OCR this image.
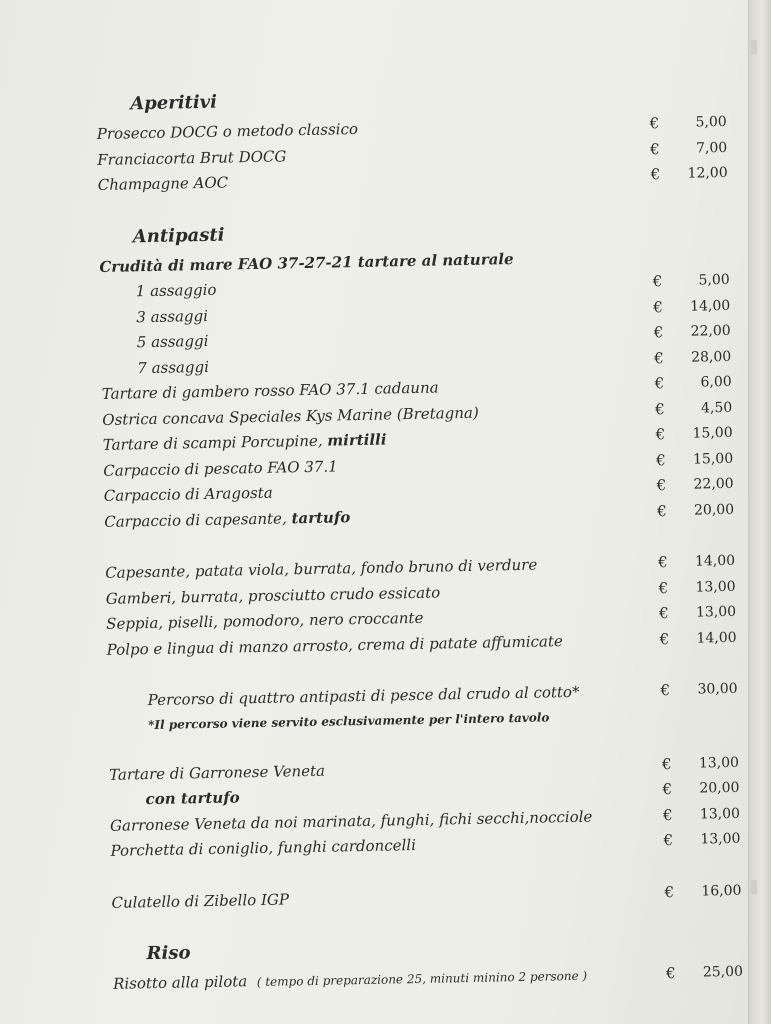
Aperitivi
Prosecco DOCG o metodo classico	€	5,00
Franciacorta Brut DOCG	€	7,00
Champagne AOC	€	12,00
Antipasti
Crudità di mare FAO 37-27-21 tartare al naturale
1 assaggio	€	5,00
3 assaggi	€	14,00
5 assaggi	€	22,00
7 assaggi	€	28,00
Tartare di gambero rosso FAO 37.1 cadauna	€	6,00
Ostrica concava Speciales Kys Marine (Bretagna)	€	4,50
Tartare di scampi Porcupine, mirtilli	€	15,00
Carpaccio di pescato FAO 37.1	€	15,00
Carpaccio di Aragosta	€	22,00
Carpaccio di capesante, tartufo	€	20,00
Capesante, patata viola, burrata, fondo bruno di verdure	€	14,00
Gamberi, burrata, prosciutto crudo essicato	€	13,00
Seppia, piselli, pomodoro, nero croccante	€	13,00
Polpo e lingua di manzo arrosto, crema di patate affumicate	€	14,00
Percorso di quattro antipasti di pesce dal crudo al cotto*	€	30,00
*Il percorso viene servito esclusivamente per l'intero tavolo
Tartare di Garronese Veneta	€	13,00
con tartufo	€	20,00
Garronese Veneta da noi marinata, funghi, fichi secchi,nocciole	€	13,00
Porchetta di coniglio, funghi cardoncelli	€	13,00
Culatello di Zibello IGP	€	16,00
Riso
Risotto alla pilota ( tempo di preparazione 25, minuti minino 2 persone )	€	25,00
